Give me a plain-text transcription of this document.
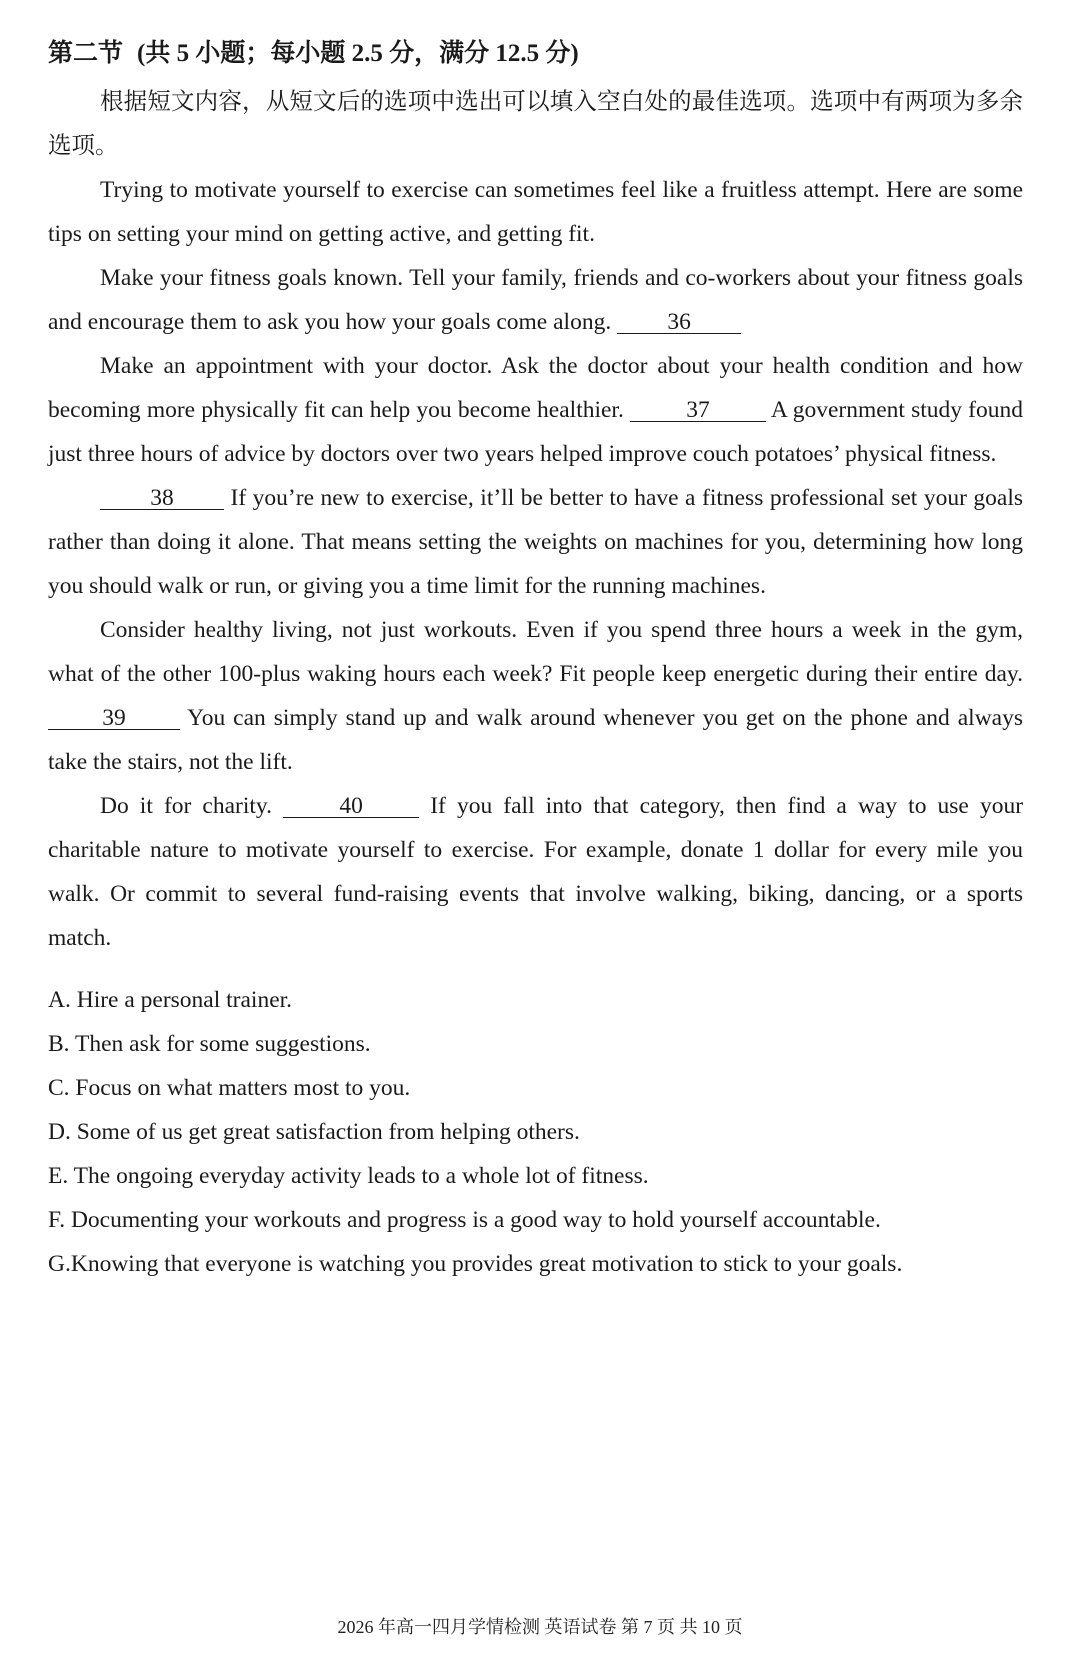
第二节 (共 5 小题；每小题 2.5 分，满分 12.5 分)

根据短文内容，从短文后的选项中选出可以填入空白处的最佳选项。选项中有两项为多余选项。

Trying to motivate yourself to exercise can sometimes feel like a fruitless attempt. Here are some tips on setting your mind on getting active, and getting fit.

Make your fitness goals known. Tell your family, friends and co-workers about your fitness goals and encourage them to ask you how your goals come along. 36

Make an appointment with your doctor. Ask the doctor about your health condition and how becoming more physically fit can help you become healthier.	37	A government study found just three hours of advice by doctors over two years helped improve couch potatoes’ physical fitness.

38 If you’re new to exercise, it’ll be better to have a fitness professional set your goals rather than doing it alone. That means setting the weights on machines for you, determining how long you should walk or run, or giving you a time limit for the running machines.

Consider healthy living, not just workouts. Even if you spend three hours a week in the gym, what of the other 100-plus waking hours each week? Fit people keep energetic during their entire day. 39	You can simply stand up and walk around whenever you get on the phone and always take the stairs, not the lift.

Do it for charity.	40	If you fall into that category, then find a way to use your charitable nature to motivate yourself to exercise. For example, donate 1 dollar for every mile you walk. Or commit to several fund-raising events that involve walking, biking, dancing, or a sports match.

A. Hire a personal trainer.

B. Then ask for some suggestions.

C. Focus on what matters most to you.

D. Some of us get great satisfaction from helping others.

E. The ongoing everyday activity leads to a whole lot of fitness.

F. Documenting your workouts and progress is a good way to hold yourself accountable.

G.Knowing that everyone is watching you provides great motivation to stick to your goals.

2026 年高一四月学情检测 英语试卷 第 7 页 共 10 页
